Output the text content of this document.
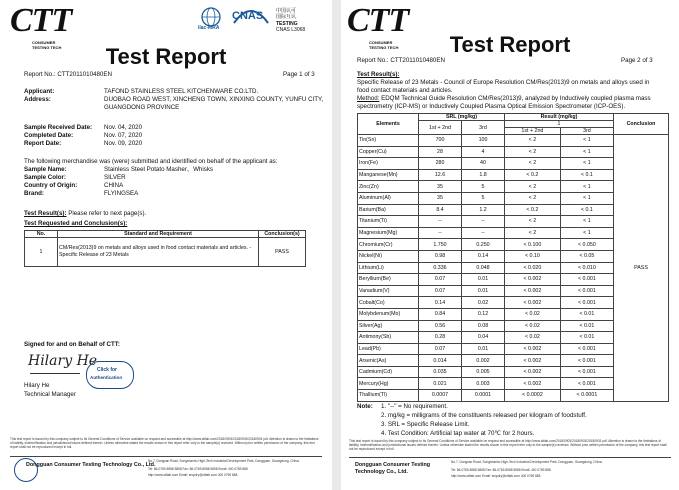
CTT
CONSUMER TESTING TECH
ilac-MRA
CNAS	中国认可
国际互认
TESTING
CNAS L3068
Test Report
Report No.: CTT2011010480EN	Page 1 of 3
Applicant:	TAFOND STAINLESS STEEL KITCHENWARE CO.LTD.
Address:	DUOBAO ROAD WEST, XINCHENG TOWN, XINXING COUNTY, YUNFU CITY,
GUANGDONG PROVINCE
Sample Received Date: Nov. 04, 2020
Completed Date:	Nov. 07, 2020
Report Date:	Nov. 09, 2020
The following merchandise was (were) submitted and identified on behalf of the applicant as:
Sample Name:	Stainless Steel Potato Masher、Whisks
Sample Color:	SILVER
Country of Origin:	CHINA
Brand:	FLYINGSEA
Test Result(s): Please refer to next page(s).
Test Requested and Conclusion(s):
No.	Standard and Requirement	Conclusion(s)
1	CM/Res(2013)9 on metals and alloys used in food contact materials and articles. - Specific Release of 23 Metals	PASS
Signed for and on Behalf of CTT:
Hilary He
Hilary He
Technical Manager
Click for
Authentication
This test report is issued by this company subject to its General Conditions of Service available on request and accessible at http://www.cttlab.com/2018/0903/20180903/20180903 pdf. Attention is drawn to the limitations of liability, indemnification and jurisdictional issues defined therein. Unless otherwise stated the results shown in this report refer only to the sample(s) received. Without prior written permission of the company, this test report shall not be reproduced except in full.
Dongguan Consumer Testing Technology Co., Ltd.
No.7, Dongsan Road, Songshanhu High-Tech Industrial Development Park, Dongguan, Guangdong, China.
Tel: 86-0769-8988 5858 Fax: 86-0769-8988 5858 Email: 400 0769 888
http://www.cttlab.com Email: enquiry@cttlab.com 400 0769 888
CTT
CONSUMER TESTING TECH	Test Report
Report No.: CTT2011010480EN	Page 2 of 3
Test Result(s):
Specific Release of 23 Metals - Council of Europe Resolution CM/Res(2013)9 on metals and alloys used in
food contact materials and articles.
Method: EDQM Technical Guide Resolution CM/Res(2013)9, analyzed by Inductively coupled plasma mass
spectrometry (ICP-MS) or Inductively Coupled Plasma Optical Emission Spectrometer (ICP-OES).
Elements	SRL (mg/kg)		Result (mg/kg)		Conclusion
	1st + 2nd	3rd	1		
			1st + 2nd	3rd	
Tin(Sn)	700	100	< 2	< 1	PASS
Copper(Cu)	28	4	< 2	< 1	
Iron(Fe)	280	40	< 2	< 1	
Manganese(Mn)	12.6	1.8	< 0.2	< 0.1	
Zinc(Zn)	35	5	< 2	< 1	
Aluminum(Al)	35	5	< 2	< 1	
Barium(Ba)	8.4	1.2	< 0.2	< 0.1	
Titanium(Ti)	--	--	< 2	< 1	
Magnesium(Mg)	--	--	< 2	< 1	
Chromium(Cr)	1.750	0.250	< 0.100	< 0.050	
Nickel(Ni)	0.98	0.14	< 0.10	< 0.05	
Lithium(Li)	0.336	0.048	< 0.020	< 0.010	
Beryllium(Be)	0.07	0.01	< 0.002	< 0.001	
Vanadium(V)	0.07	0.01	< 0.002	< 0.001	
Cobalt(Co)	0.14	0.02	< 0.002	< 0.001	
Molybdenum(Mo)	0.84	0.12	< 0.02	< 0.01	
Silver(Ag)	0.56	0.08	< 0.02	< 0.01	
Antimony(Sb)	0.28	0.04	< 0.02	< 0.01	
Lead(Pb)	0.07	0.01	< 0.002	< 0.001	
Arsenic(As)	0.014	0.002	< 0.002	< 0.001	
Cadmium(Cd)	0.035	0.005	< 0.002	< 0.001	
Mercury(Hg)	0.021	0.003	< 0.002	< 0.001	
Thallium(Tl)	0.0007	0.0001	< 0.0002	< 0.0001	
Note: 1. "--" = No requirement.
2. mg/kg = milligrams of the constituents released per kilogram of foodstuff.
3. SRL = Specific Release Limit.
4. Test Condition: Artificial tap water at 70℃ for 2 hours.
This test report is issued by this company subject to its General Conditions of Service available on request and accessible at http://www.cttlab.com/2018/0903/20180903/20180903 pdf. Attention is drawn to the limitations of liability, indemnification and jurisdictional issues defined therein. Unless otherwise stated the results shown in this report refer only to the sample(s) received. Without prior written permission of the company, this test report shall not be reproduced except in full.
Dongguan Consumer Testing Technology Co., Ltd.
No.7, Dongsan Road, Songshanhu High-Tech Industrial Development Park, Dongguan, Guangdong, China.
Tel: 86-0769-8988 5858 Fax: 86-0769-8988 5858 Email: 400 0769 888
http://www.cttlab.com Email: enquiry@cttlab.com 400 0769 888
